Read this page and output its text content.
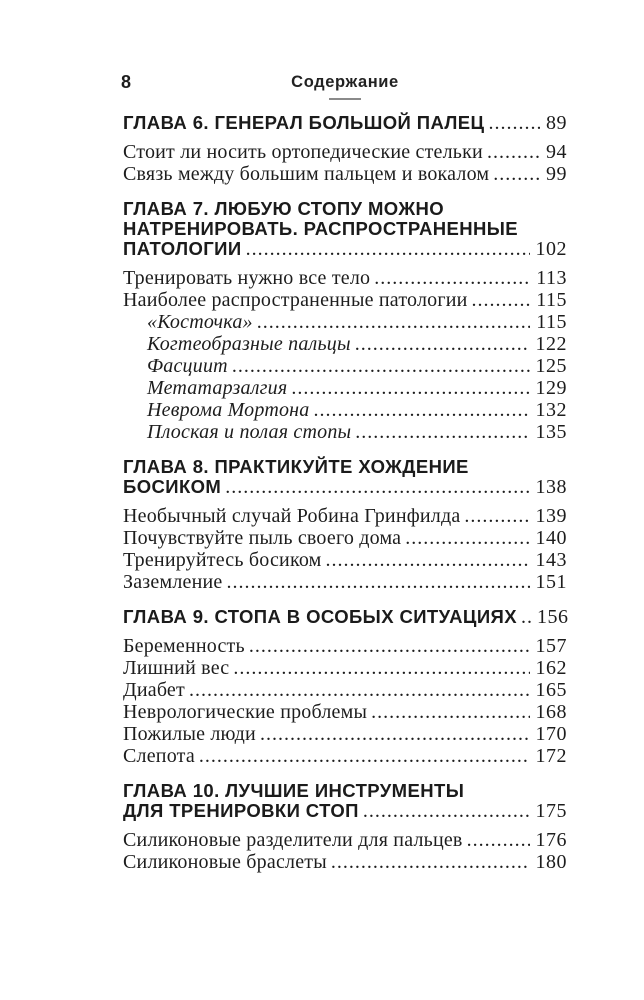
8	Содержание
ГЛАВА 6. ГЕНЕРАЛ БОЛЬШОЙ ПАЛЕЦ .....	89
Стоит ли носить ортопедические стельки .....	94
Связь между большим пальцем и вокалом .....	99
ГЛАВА 7. ЛЮБУЮ СТОПУ МОЖНО
НАТРЕНИРОВАТЬ. РАСПРОСТРАНЕННЫЕ
ПАТОЛОГИИ .....	102
Тренировать нужно все тело .....	113
Наиболее распространенные патологии .....	115
«Косточка» .....	115
Когтеобразные пальцы .....	122
Фасциит .....	125
Метатарзалгия .....	129
Неврома Мортона .....	132
Плоская и полая стопы .....	135
ГЛАВА 8. ПРАКТИКУЙТЕ ХОЖДЕНИЕ
БОСИКОМ .....	138
Необычный случай Робина Гринфилда .....	139
Почувствуйте пыль своего дома .....	140
Тренируйтесь босиком .....	143
Заземление .....	151
ГЛАВА 9. СТОПА В ОСОБЫХ СИТУАЦИЯХ ..... 156
Беременность .....	157
Лишний вес .....	162
Диабет .....	165
Неврологические проблемы .....	168
Пожилые люди .....	170
Слепота .....	172
ГЛАВА 10. ЛУЧШИЕ ИНСТРУМЕНТЫ
ДЛЯ ТРЕНИРОВКИ СТОП .....	175
Силиконовые разделители для пальцев .....	176
Силиконовые браслеты .....	180
